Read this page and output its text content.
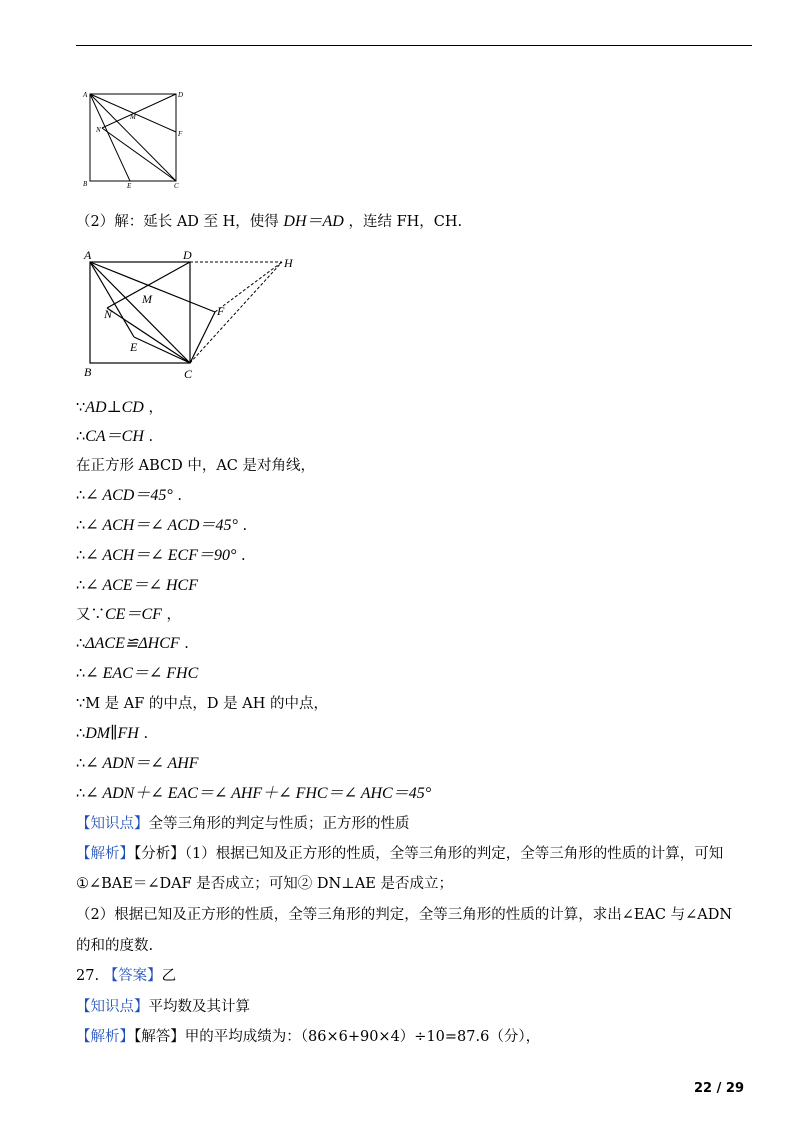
A	D
M
N	F
B	E	C
（2）解：延长 AD 至 H，使得 DH＝AD ，连结 FH，CH.
A	D
H
M
N	F
E
B	C
∵AD⊥CD ，
∴CA＝CH .
在正方形 ABCD 中，AC 是对角线，
∴∠ ACD＝45° .
∴∠ ACH＝∠ ACD＝45° .
∴∠ ACH＝∠ ECF＝90° .
∴∠ ACE＝∠ HCF
又∵CE＝CF ，
∴ΔACE≌ΔHCF .
∴∠ EAC＝∠ FHC
∵M 是 AF 的中点，D 是 AH 的中点，
∴DM∥FH .
∴∠ ADN＝∠ AHF
∴∠ ADN＋∠ EAC＝∠ AHF＋∠ FHC＝∠ AHC＝45°
【知识点】全等三角形的判定与性质；正方形的性质
【解析】【分析】（1）根据已知及正方形的性质，全等三角形的判定，全等三角形的性质的计算，可知
①∠BAE＝∠DAF 是否成立；可知② DN⊥AE 是否成立；
（2）根据已知及正方形的性质，全等三角形的判定，全等三角形的性质的计算，求出∠EAC 与∠ADN
的和的度数.
27. 【答案】乙
【知识点】平均数及其计算
【解析】【解答】甲的平均成绩为：（86×6+90×4）÷10=87.6（分），
22 / 29
